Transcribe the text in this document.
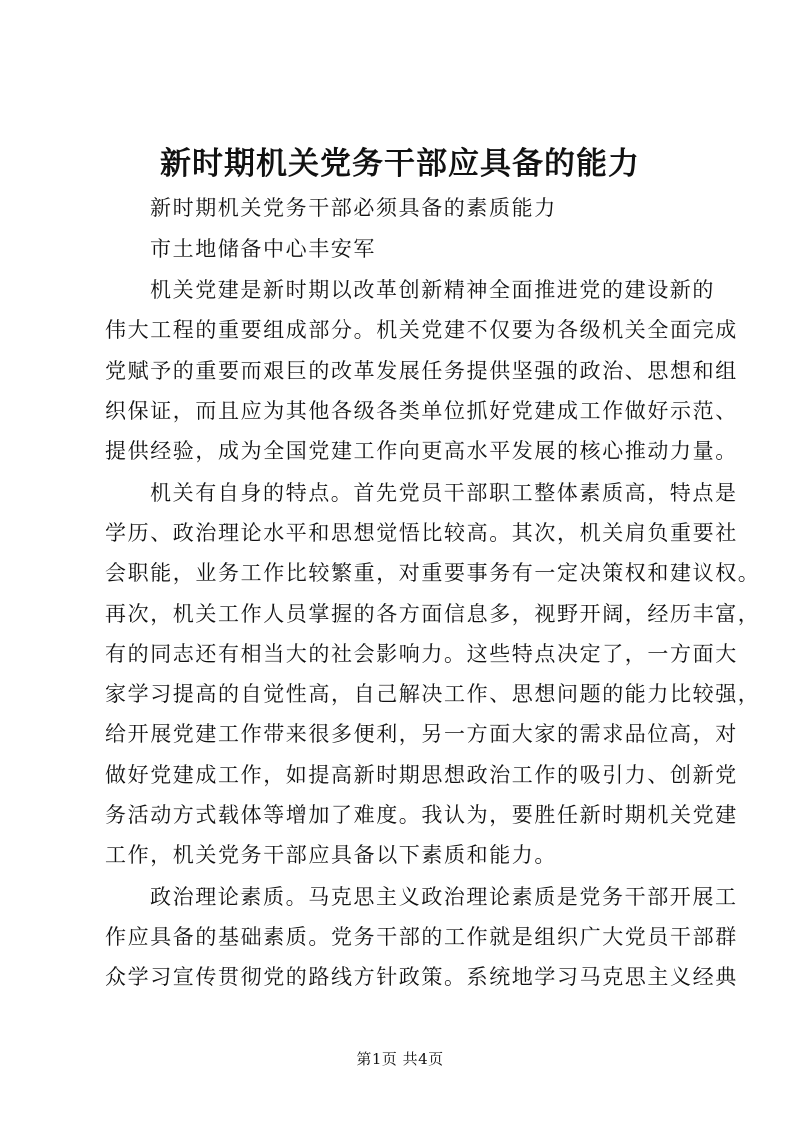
新时期机关党务干部应具备的能力

新时期机关党务干部必须具备的素质能力

市土地储备中心丰安军

机关党建是新时期以改革创新精神全面推进党的建设新的

伟大工程的重要组成部分。机关党建不仅要为各级机关全面完成

党赋予的重要而艰巨的改革发展任务提供坚强的政治、思想和组

织保证，而且应为其他各级各类单位抓好党建成工作做好示范、

提供经验，成为全国党建工作向更高水平发展的核心推动力量。

机关有自身的特点。首先党员干部职工整体素质高，特点是

学历、政治理论水平和思想觉悟比较高。其次，机关肩负重要社

会职能，业务工作比较繁重，对重要事务有一定决策权和建议权。

再次，机关工作人员掌握的各方面信息多，视野开阔，经历丰富，

有的同志还有相当大的社会影响力。这些特点决定了，一方面大

家学习提高的自觉性高，自己解决工作、思想问题的能力比较强，

给开展党建工作带来很多便利，另一方面大家的需求品位高，对

做好党建成工作，如提高新时期思想政治工作的吸引力、创新党

务活动方式载体等增加了难度。我认为，要胜任新时期机关党建

工作，机关党务干部应具备以下素质和能力。

政治理论素质。马克思主义政治理论素质是党务干部开展工

作应具备的基础素质。党务干部的工作就是组织广大党员干部群

众学习宣传贯彻党的路线方针政策。系统地学习马克思主义经典

第1页 共4页
